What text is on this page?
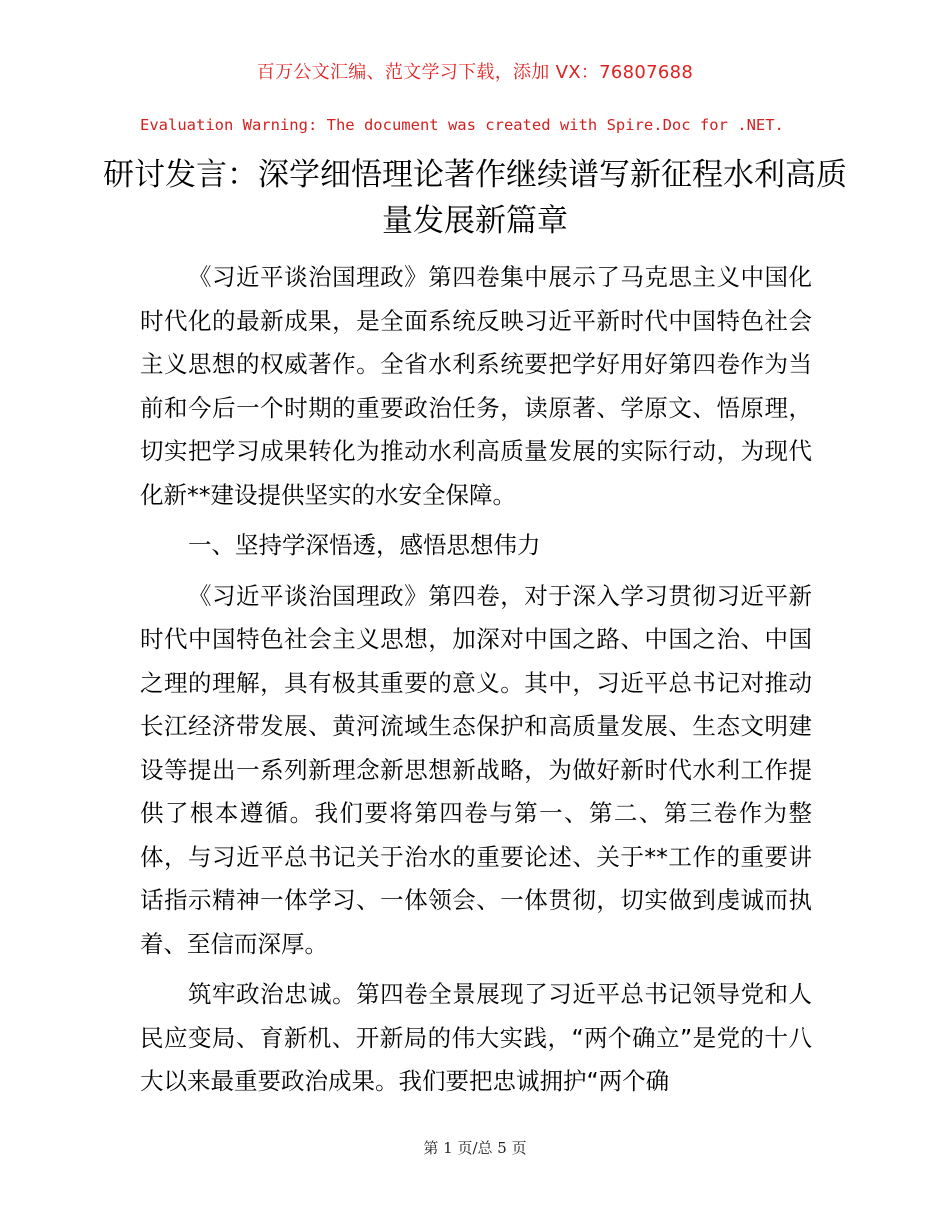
百万公文汇编、范文学习下载，添加 VX：76807688
Evaluation Warning: The document was created with Spire.Doc for .NET.
研讨发言：深学细悟理论著作继续谱写新征程水利高质量发展新篇章

《习近平谈治国理政》第四卷集中展示了马克思主义中国化时代化的最新成果，是全面系统反映习近平新时代中国特色社会主义思想的权威著作。全省水利系统要把学好用好第四卷作为当前和今后一个时期的重要政治任务，读原著、学原文、悟原理，切实把学习成果转化为推动水利高质量发展的实际行动，为现代化新**建设提供坚实的水安全保障。

一、坚持学深悟透，感悟思想伟力

《习近平谈治国理政》第四卷，对于深入学习贯彻习近平新时代中国特色社会主义思想，加深对中国之路、中国之治、中国之理的理解，具有极其重要的意义。其中，习近平总书记对推动长江经济带发展、黄河流域生态保护和高质量发展、生态文明建设等提出一系列新理念新思想新战略，为做好新时代水利工作提供了根本遵循。我们要将第四卷与第一、第二、第三卷作为整体，与习近平总书记关于治水的重要论述、关于**工作的重要讲话指示精神一体学习、一体领会、一体贯彻，切实做到虔诚而执着、至信而深厚。

筑牢政治忠诚。第四卷全景展现了习近平总书记领导党和人民应变局、育新机、开新局的伟大实践，“两个确立”是党的十八大以来最重要政治成果。我们要把忠诚拥护“两个确

第 1 页/总 5 页
